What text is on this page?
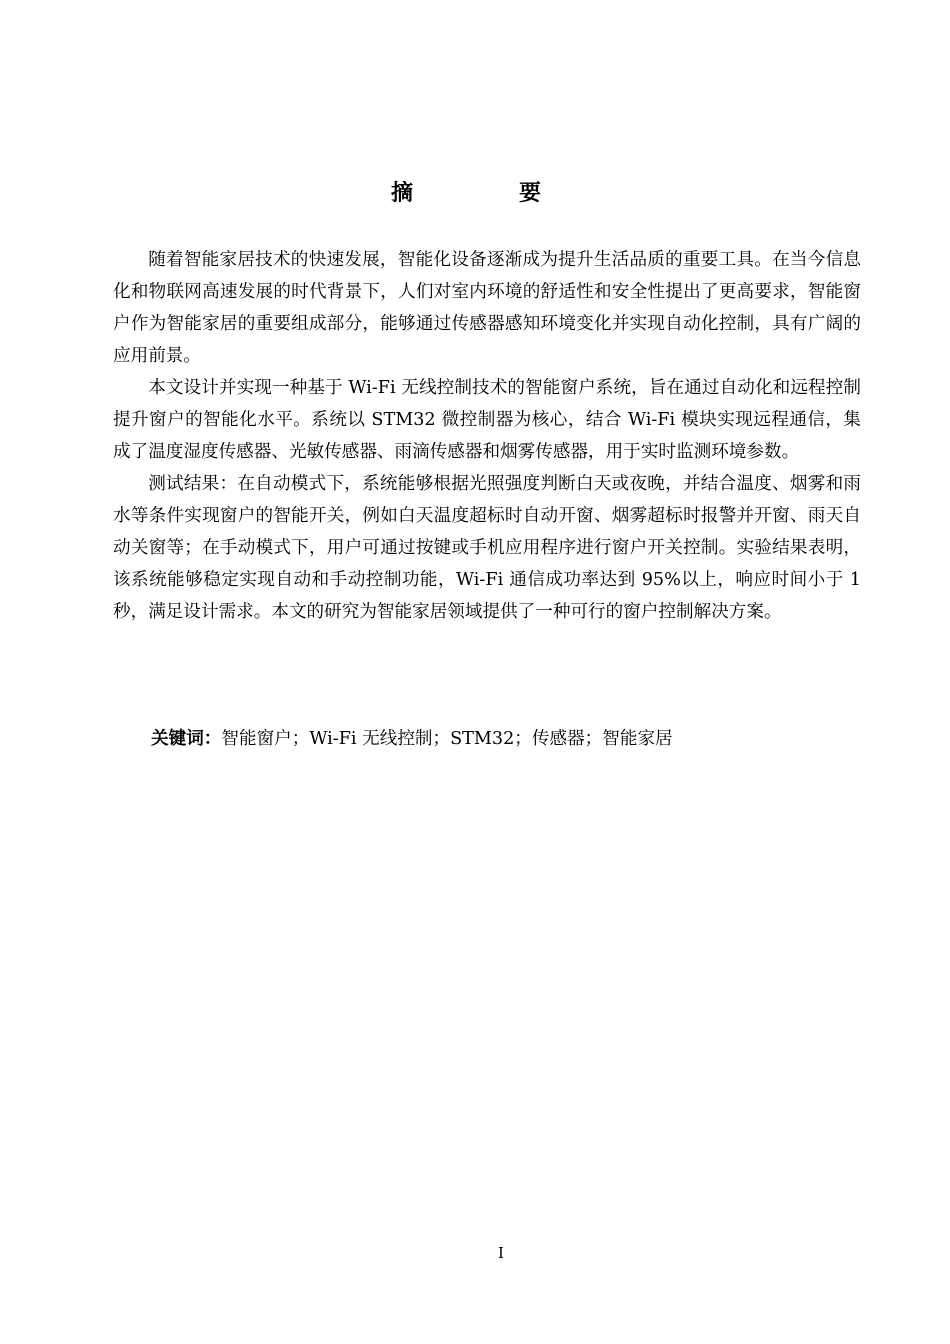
摘　要

随着智能家居技术的快速发展，智能化设备逐渐成为提升生活品质的重要工具。在当今信息化和物联网高速发展的时代背景下，人们对室内环境的舒适性和安全性提出了更高要求，智能窗户作为智能家居的重要组成部分，能够通过传感器感知环境变化并实现自动化控制，具有广阔的应用前景。

本文设计并实现一种基于 Wi-Fi 无线控制技术的智能窗户系统，旨在通过自动化和远程控制提升窗户的智能化水平。系统以 STM32 微控制器为核心，结合 Wi-Fi 模块实现远程通信，集成了温度湿度传感器、光敏传感器、雨滴传感器和烟雾传感器，用于实时监测环境参数。

测试结果：在自动模式下，系统能够根据光照强度判断白天或夜晚，并结合温度、烟雾和雨水等条件实现窗户的智能开关，例如白天温度超标时自动开窗、烟雾超标时报警并开窗、雨天自动关窗等；在手动模式下，用户可通过按键或手机应用程序进行窗户开关控制。实验结果表明，该系统能够稳定实现自动和手动控制功能，Wi-Fi 通信成功率达到 95%以上，响应时间小于 1 秒，满足设计需求。本文的研究为智能家居领域提供了一种可行的窗户控制解决方案。

关键词：智能窗户；Wi-Fi 无线控制；STM32；传感器；智能家居
I
